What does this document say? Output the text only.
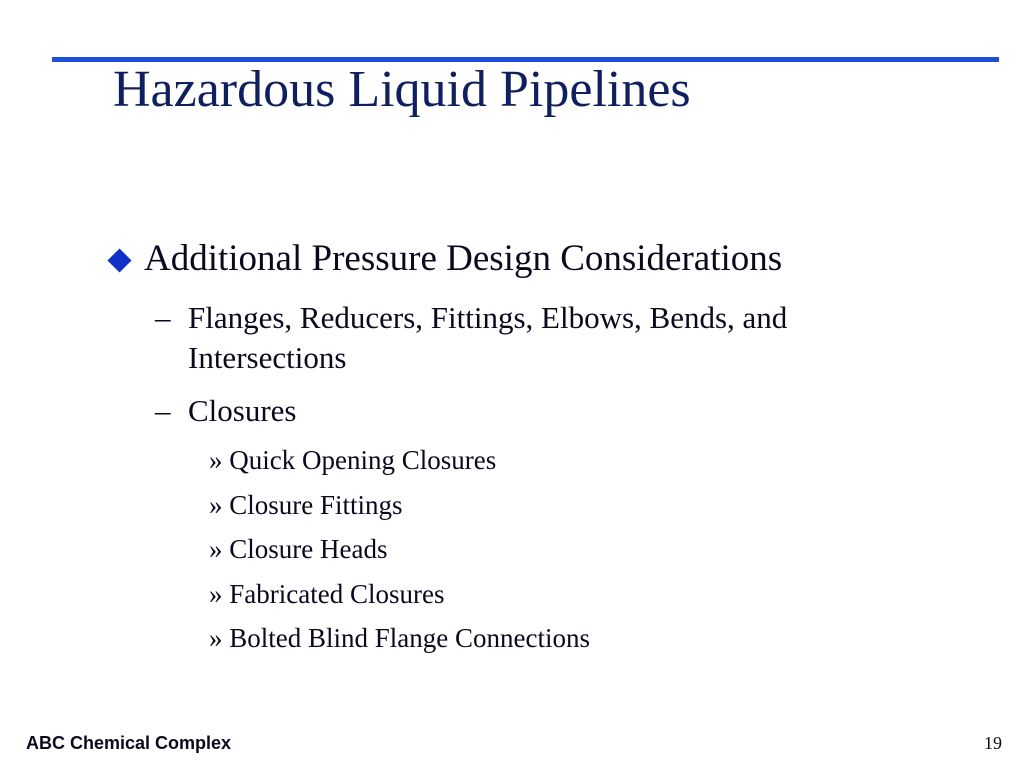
Hazardous Liquid Pipelines
Additional Pressure Design Considerations
– Flanges, Reducers, Fittings, Elbows, Bends, and Intersections
– Closures
» Quick Opening Closures
» Closure Fittings
» Closure Heads
» Fabricated Closures
» Bolted Blind Flange Connections
ABC Chemical Complex	19
